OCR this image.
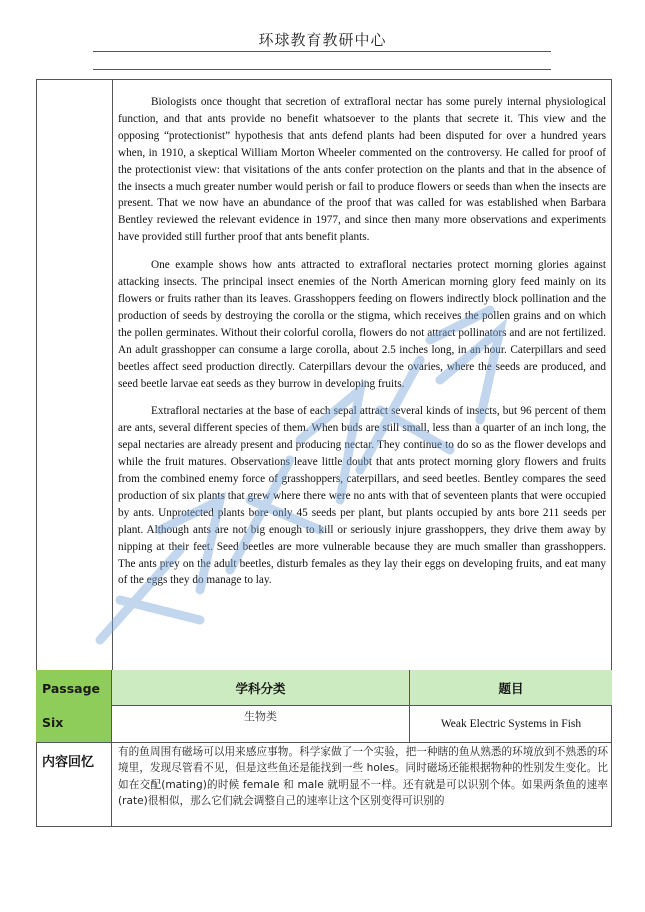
环球教育教研中心

Biologists once thought that secretion of extrafloral nectar has some purely internal physiological function, and that ants provide no benefit whatsoever to the plants that secrete it. This view and the opposing “protectionist” hypothesis that ants defend plants had been disputed for over a hundred years when, in 1910, a skeptical William Morton Wheeler commented on the controversy. He called for proof of the protectionist view: that visitations of the ants confer protection on the plants and that in the absence of the insects a much greater number would perish or fail to produce flowers or seeds than when the insects are present. That we now have an abundance of the proof that was called for was established when Barbara Bentley reviewed the relevant evidence in 1977, and since then many more observations and experiments have provided still further proof that ants benefit plants.

One example shows how ants attracted to extrafloral nectaries protect morning glories against attacking insects. The principal insect enemies of the North American morning glory feed mainly on its flowers or fruits rather than its leaves. Grasshoppers feeding on flowers indirectly block pollination and the production of seeds by destroying the corolla or the stigma, which receives the pollen grains and on which the pollen germinates. Without their colorful corolla, flowers do not attract pollinators and are not fertilized. An adult grasshopper can consume a large corolla, about 2.5 inches long, in an hour. Caterpillars and seed beetles affect seed production directly. Caterpillars devour the ovaries, where the seeds are produced, and seed beetle larvae eat seeds as they burrow in developing fruits.

Extrafloral nectaries at the base of each sepal attract several kinds of insects, but 96 percent of them are ants, several different species of them. When buds are still small, less than a quarter of an inch long, the sepal nectaries are already present and producing nectar. They continue to do so as the flower develops and while the fruit matures. Observations leave little doubt that ants protect morning glory flowers and fruits from the combined enemy force of grasshoppers, caterpillars, and seed beetles. Bentley compares the seed production of six plants that grew where there were no ants with that of seventeen plants that were occupied by ants. Unprotected plants bore only 45 seeds per plant, but plants occupied by ants bore 211 seeds per plant. Although ants are not big enough to kill or seriously injure grasshoppers, they drive them away by nipping at their feet. Seed beetles are more vulnerable because they are much smaller than grasshoppers. The ants prey on the adult beetles, disturb females as they lay their eggs on developing fruits, and eat many of the eggs they do manage to lay.

Passage
Six
学科分类	题目
生物类
Weak Electric Systems in Fish
内容回忆
有的鱼周围有磁场可以用来感应事物。科学家做了一个实验，把一种瞎的鱼从熟悉的环境放到不熟悉的环境里，发现尽管看不见，但是这些鱼还是能找到一些 holes。同时磁场还能根据物种的性别发生变化。比如在交配(mating)的时候 female 和 male 就明显不一样。还有就是可以识别个体。如果两条鱼的速率(rate)很相似，那么它们就会调整自己的速率让这个区别变得可识别的
